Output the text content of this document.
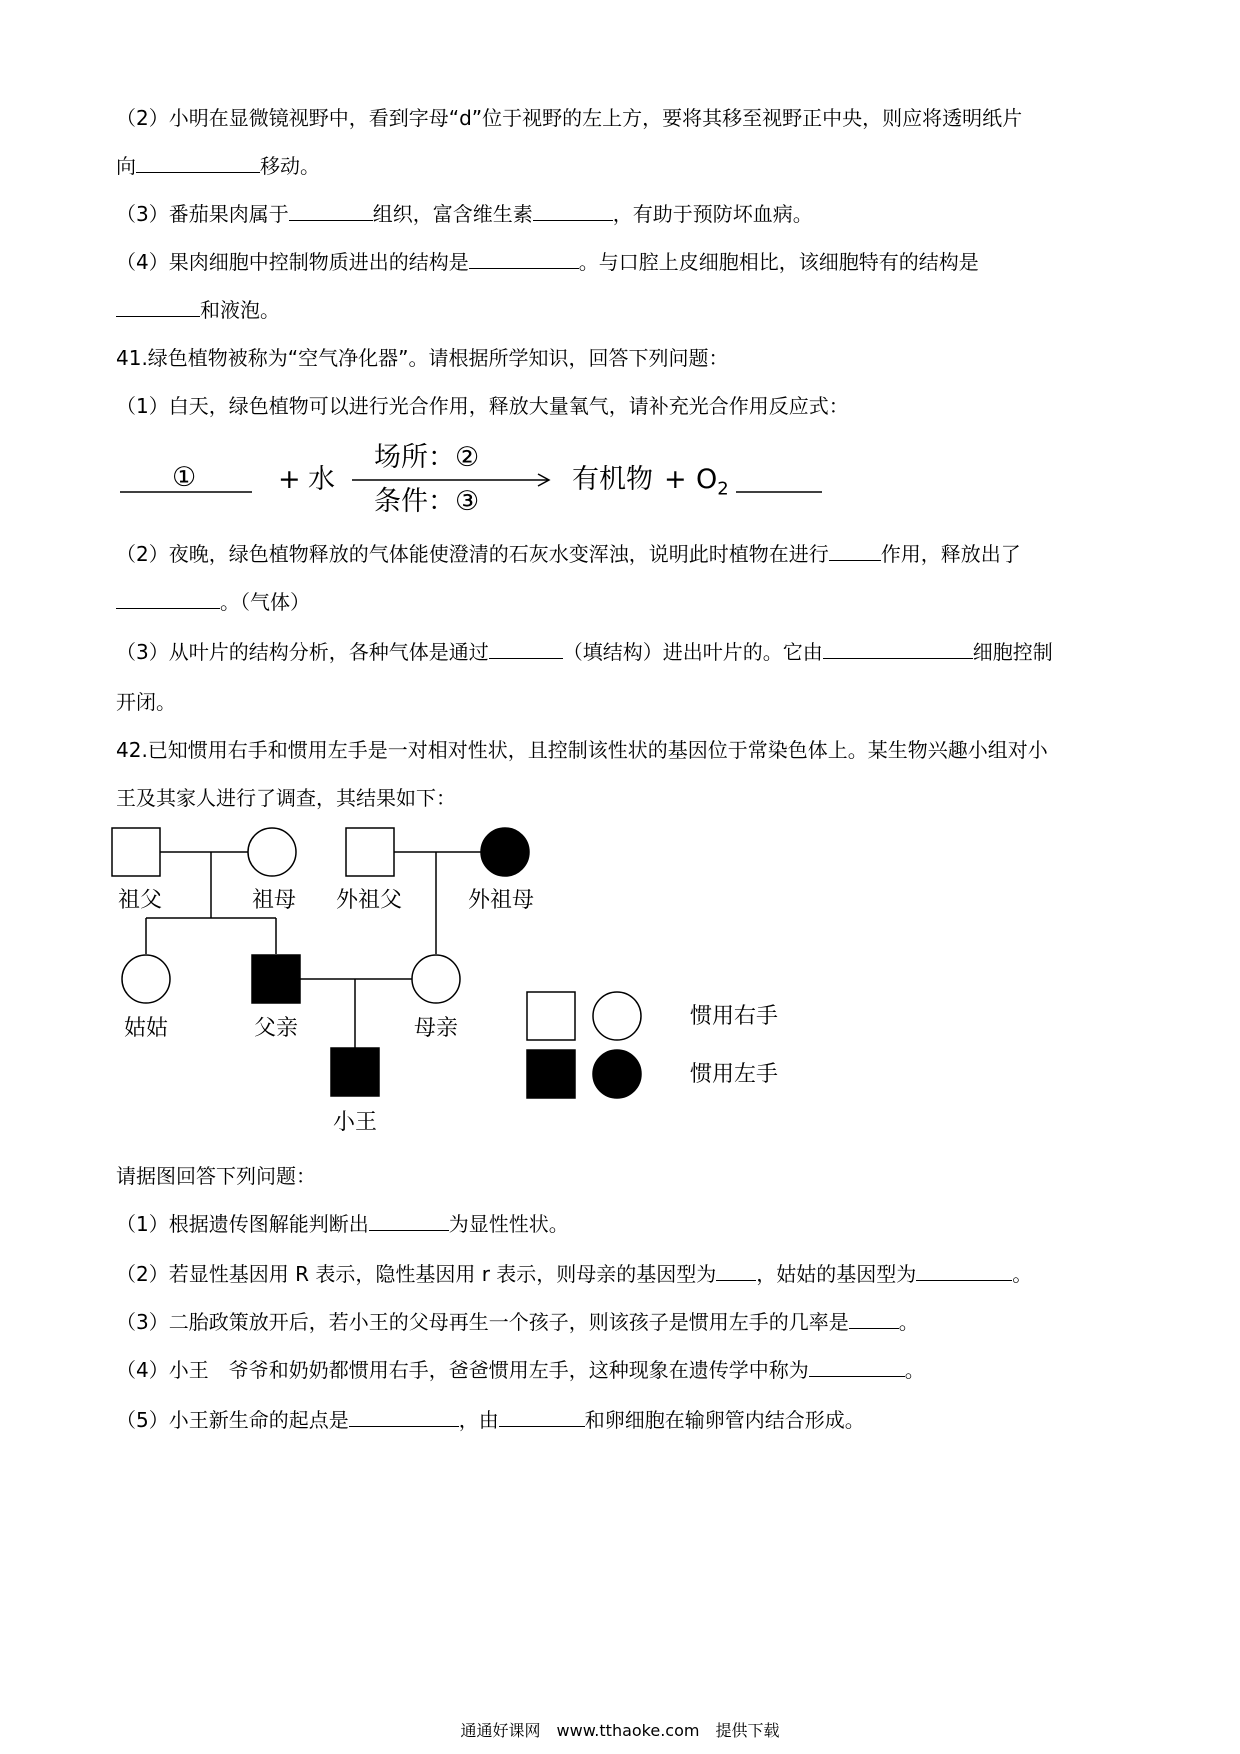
（2）小明在显微镜视野中，看到字母“d”位于视野的左上方，要将其移至视野正中央，则应将透明纸片
向	移动。
（3）番茄果肉属于	组织，富含维生素	，有助于预防坏血病。
（4）果肉细胞中控制物质进出的结构是	。与口腔上皮细胞相比，该细胞特有的结构是
和液泡。
41.绿色植物被称为“空气净化器”。请根据所学知识，回答下列问题：
（1）白天，绿色植物可以进行光合作用，释放大量氧气，请补充光合作用反应式：
①	+ 水
场所：②
条件：③
有机物 + $O_2$
（2）夜晚，绿色植物释放的气体能使澄清的石灰水变浑浊，说明此时植物在进行	作用，释放出了
。（气体）
（3）从叶片的结构分析，各种气体是通过	（填结构）进出叶片的。它由	细胞控制
开闭。
42.已知惯用右手和惯用左手是一对相对性状，且控制该性状的基因位于常染色体上。某生物兴趣小组对小
王及其家人进行了调查，其结果如下：
祖父	祖母 外祖父	外祖母
姑姑	父亲	母亲
小王
惯用右手
惯用左手
请据图回答下列问题：
（1）根据遗传图解能判断出	为显性性状。
（2）若显性基因用 R 表示，隐性基因用 r 表示，则母亲的基因型为 ，姑姑的基因型为	。
（3）二胎政策放开后，若小王的父母再生一个孩子，则该孩子是惯用左手的几率是	。
（4）小王　爷爷和奶奶都惯用右手，爸爸惯用左手，这种现象在遗传学中称为	。
（5）小王新生命的起点是	，由	和卵细胞在输卵管内结合形成。
通通好课网　www.tthaoke.com　提供下载
